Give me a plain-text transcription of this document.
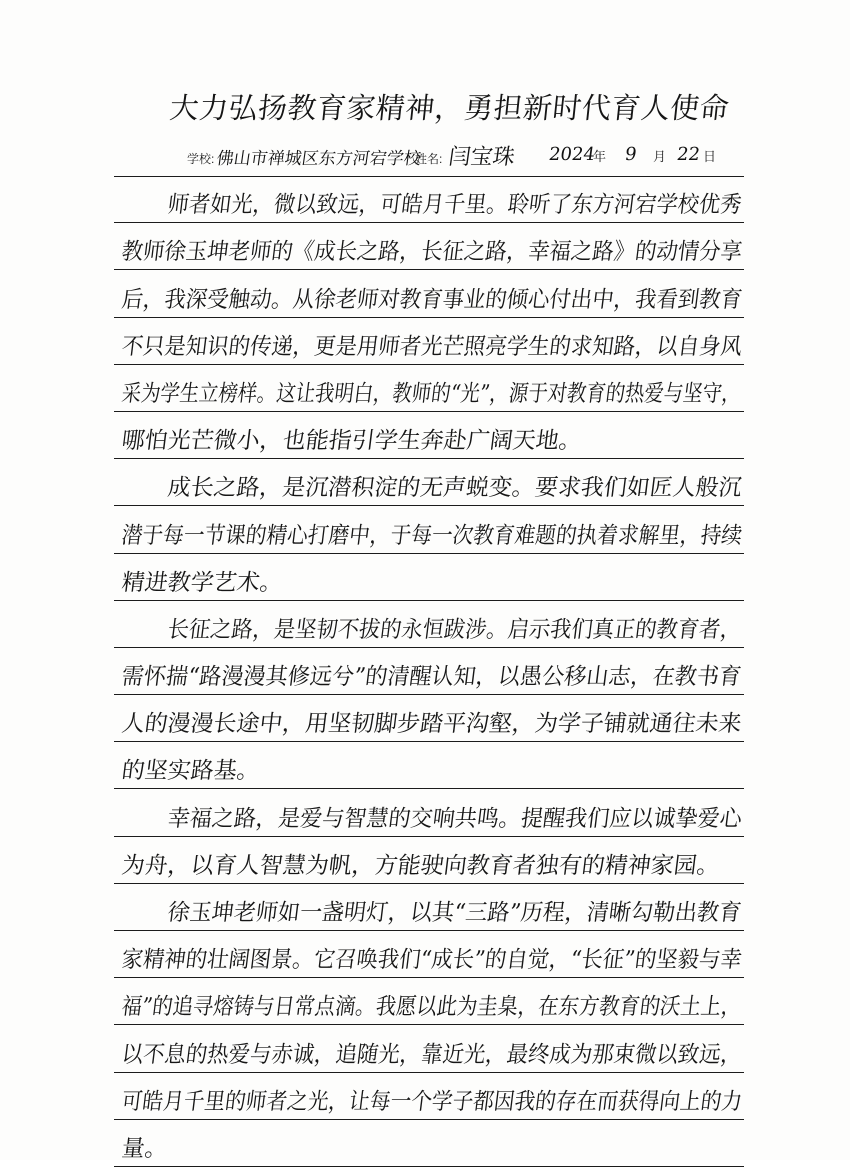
大力弘扬教育家精神，勇担新时代育人使命
学校: 佛山市禅城区东方河宕学校
姓名: 闫宝珠 2024
年 9 月 22 日
师者如光，微以致远，可皓月千里。聆听了东方河宕学校优秀
教师徐玉坤老师的《成长之路，长征之路，幸福之路》的动情分享
后，我深受触动。从徐老师对教育事业的倾心付出中，我看到教育
不只是知识的传递，更是用师者光芒照亮学生的求知路，以自身风
采为学生立榜样。这让我明白，教师的“光”，源于对教育的热爱与坚守，
哪怕光芒微小，也能指引学生奔赴广阔天地。
成长之路，是沉潜积淀的无声蜕变。要求我们如匠人般沉
潜于每一节课的精心打磨中，于每一次教育难题的执着求解里，持续
精进教学艺术。
长征之路，是坚韧不拔的永恒跋涉。启示我们真正的教育者，
需怀揣“路漫漫其修远兮”的清醒认知，以愚公移山志，在教书育
人的漫漫长途中，用坚韧脚步踏平沟壑，为学子铺就通往未来
的坚实路基。
幸福之路，是爱与智慧的交响共鸣。提醒我们应以诚挚爱心
为舟，以育人智慧为帆，方能驶向教育者独有的精神家园。
徐玉坤老师如一盏明灯，以其“三路”历程，清晰勾勒出教育
家精神的壮阔图景。它召唤我们“成长”的自觉，“长征”的坚毅与幸
福”的追寻熔铸与日常点滴。我愿以此为圭臬，在东方教育的沃土上，
以不息的热爱与赤诚，追随光，靠近光，最终成为那束微以致远，
可皓月千里的师者之光，让每一个学子都因我的存在而获得向上的力
量。
